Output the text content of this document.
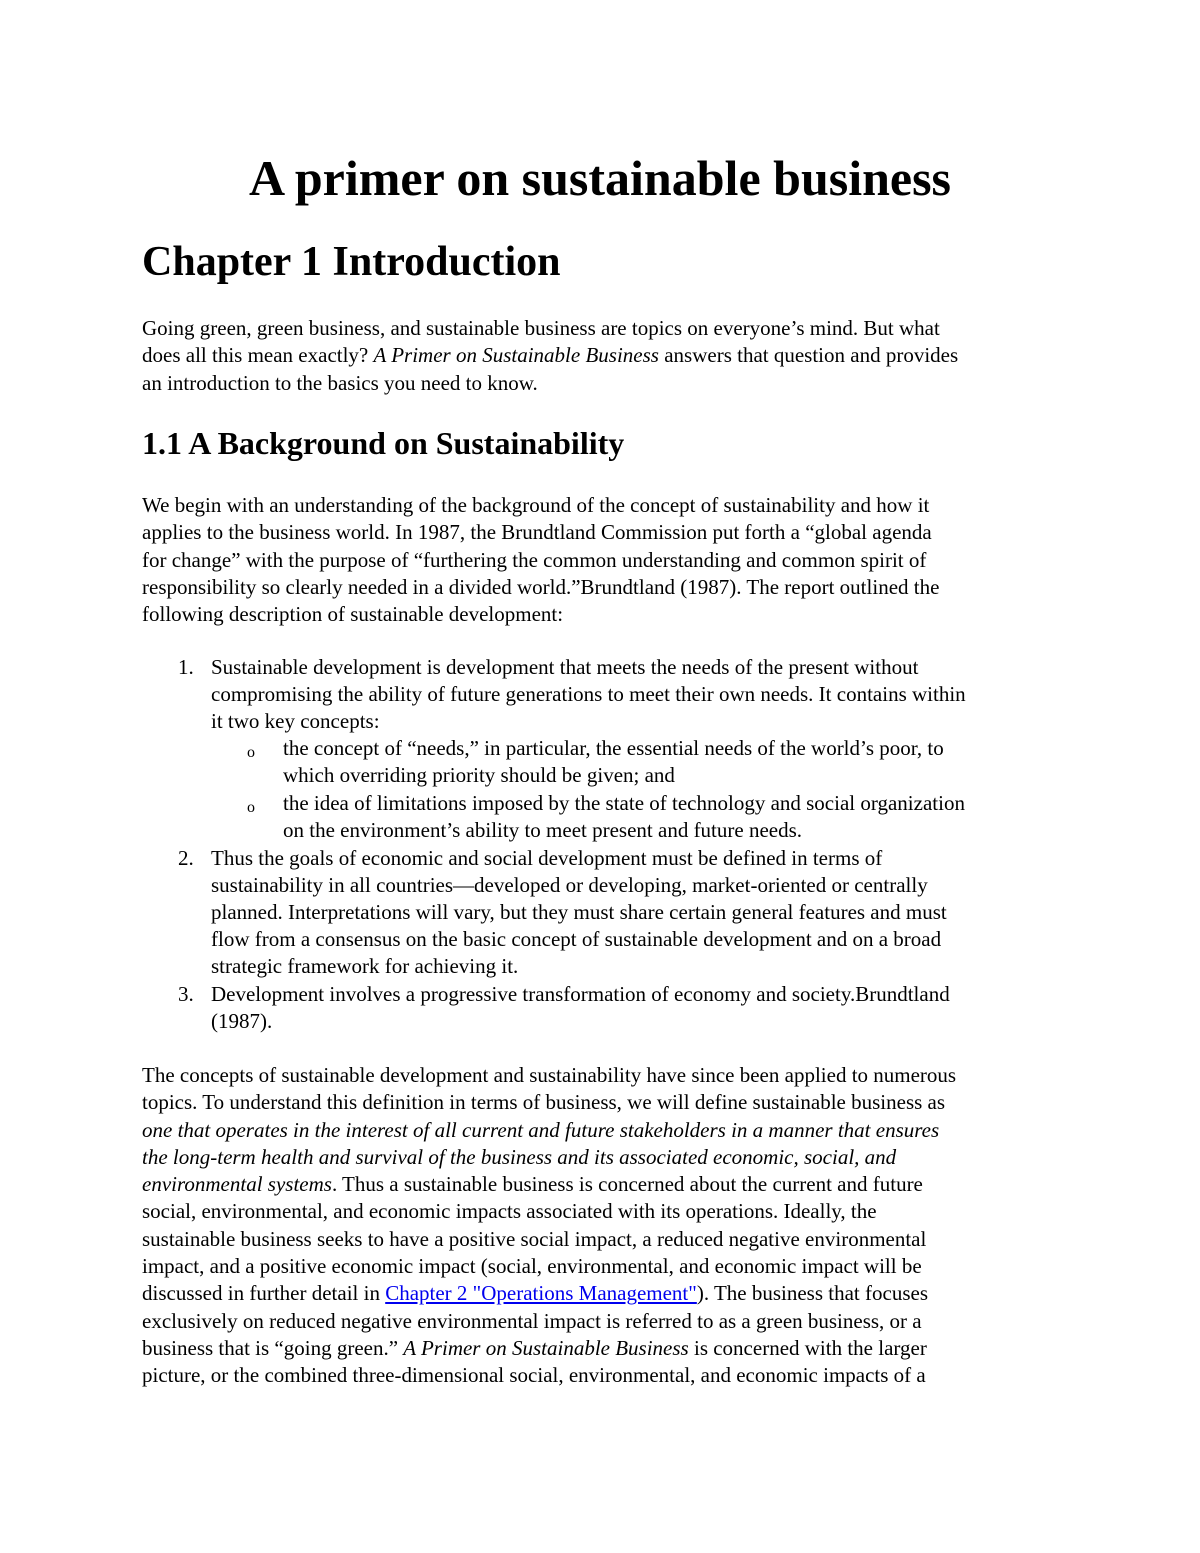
A primer on sustainable business
Chapter 1 Introduction

Going green, green business, and sustainable business are topics on everyone’s mind. But what
does all this mean exactly? A Primer on Sustainable Business answers that question and provides
an introduction to the basics you need to know.

1.1 A Background on Sustainability

We begin with an understanding of the background of the concept of sustainability and how it
applies to the business world. In 1987, the Brundtland Commission put forth a “global agenda
for change” with the purpose of “furthering the common understanding and common spirit of
responsibility so clearly needed in a divided world.”Brundtland (1987). The report outlined the
following description of sustainable development:

1. Sustainable development is development that meets the needs of the present without
compromising the ability of future generations to meet their own needs. It contains within
it two key concepts:
o the concept of “needs,” in particular, the essential needs of the world’s poor, to
which overriding priority should be given; and
o the idea of limitations imposed by the state of technology and social organization
on the environment’s ability to meet present and future needs.
2. Thus the goals of economic and social development must be defined in terms of
sustainability in all countries—developed or developing, market-oriented or centrally
planned. Interpretations will vary, but they must share certain general features and must
flow from a consensus on the basic concept of sustainable development and on a broad
strategic framework for achieving it.
3. Development involves a progressive transformation of economy and society.Brundtland
(1987).

The concepts of sustainable development and sustainability have since been applied to numerous
topics. To understand this definition in terms of business, we will define sustainable business as
one that operates in the interest of all current and future stakeholders in a manner that ensures
the long-term health and survival of the business and its associated economic, social, and
environmental systems. Thus a sustainable business is concerned about the current and future
social, environmental, and economic impacts associated with its operations. Ideally, the
sustainable business seeks to have a positive social impact, a reduced negative environmental
impact, and a positive economic impact (social, environmental, and economic impact will be
discussed in further detail in Chapter 2 "Operations Management"). The business that focuses
exclusively on reduced negative environmental impact is referred to as a green business, or a
business that is “going green.” A Primer on Sustainable Business is concerned with the larger
picture, or the combined three-dimensional social, environmental, and economic impacts of a
